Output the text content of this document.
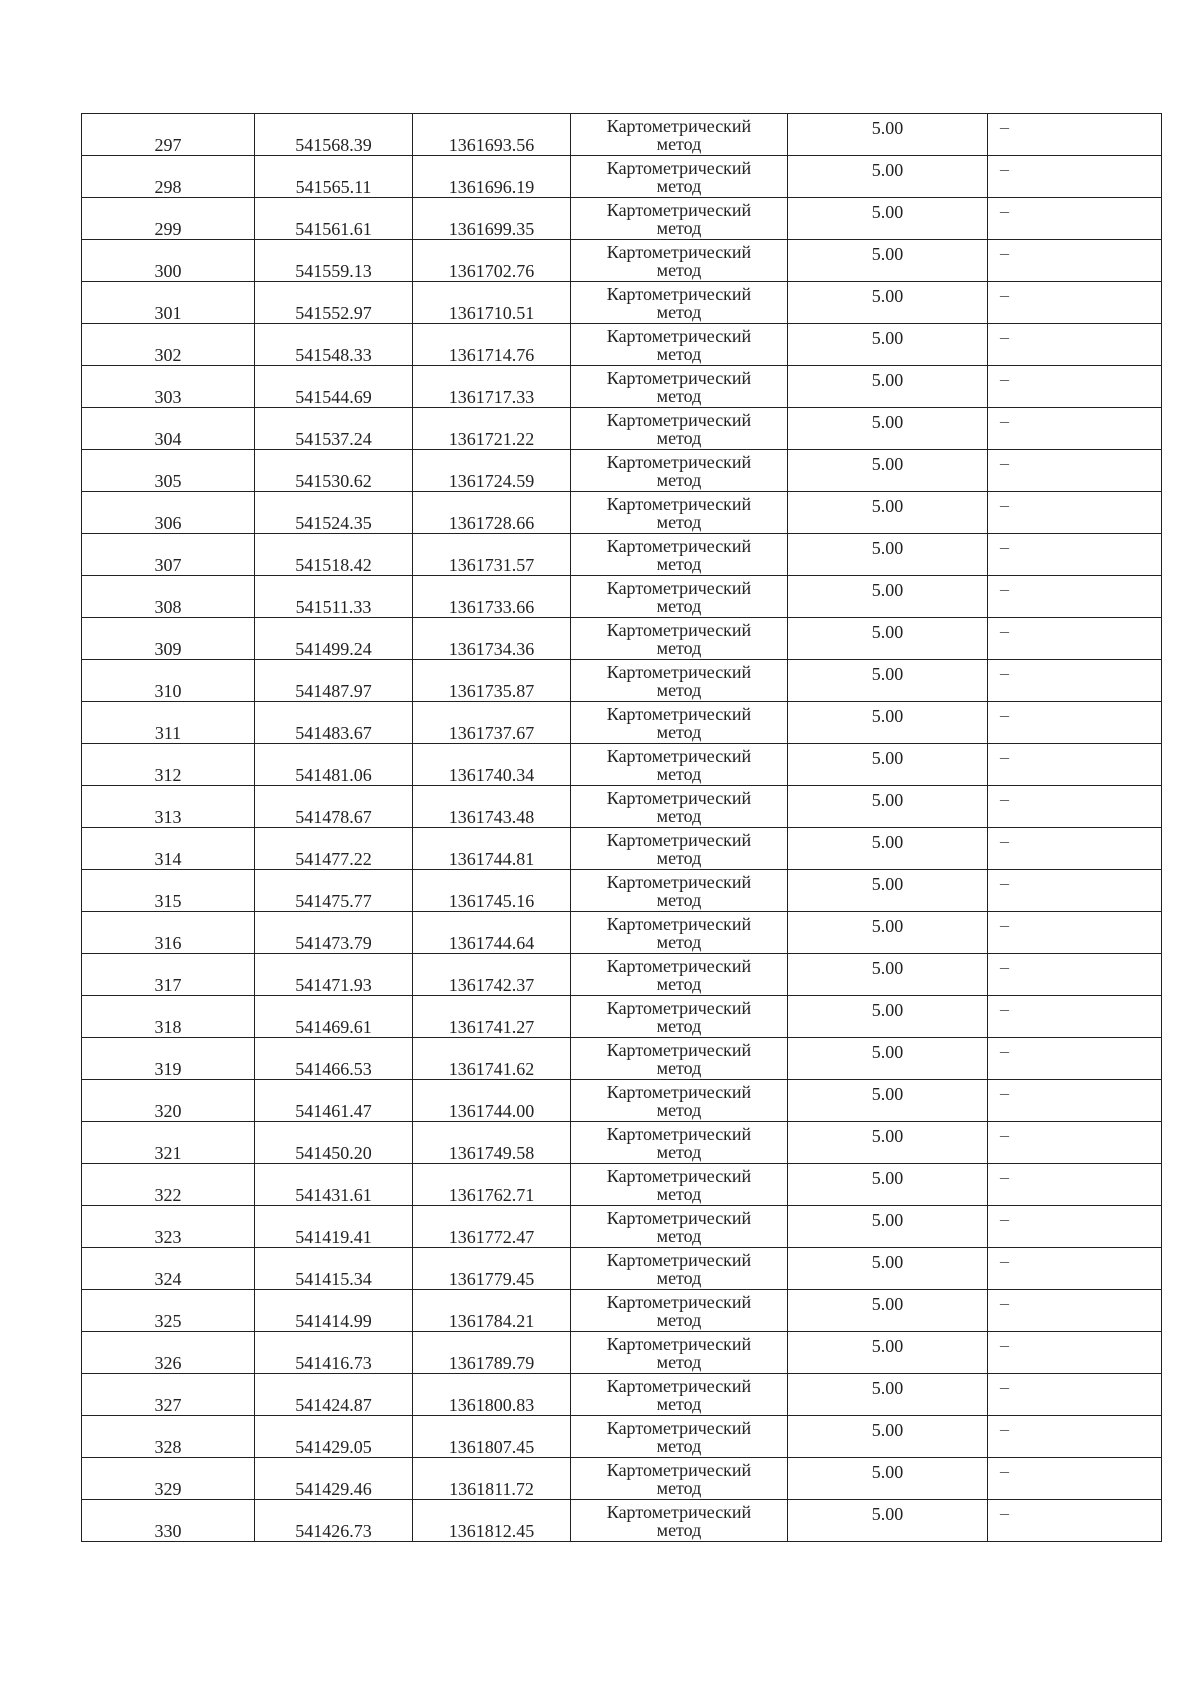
297	541568.39	1361693.56	Картометрический
метод	5.00	–

298	541565.11	1361696.19	Картометрический
метод	5.00	–

299	541561.61	1361699.35	Картометрический
метод	5.00	–

300	541559.13	1361702.76	Картометрический
метод	5.00	–

301	541552.97	1361710.51	Картометрический
метод	5.00	–

302	541548.33	1361714.76	Картометрический
метод	5.00	–

303	541544.69	1361717.33	Картометрический
метод	5.00	–

304	541537.24	1361721.22	Картометрический
метод	5.00	–

305	541530.62	1361724.59	Картометрический
метод	5.00	–

306	541524.35	1361728.66	Картометрический
метод	5.00	–

307	541518.42	1361731.57	Картометрический
метод	5.00	–

308	541511.33	1361733.66	Картометрический
метод	5.00	–

309	541499.24	1361734.36	Картометрический
метод	5.00	–

310	541487.97	1361735.87	Картометрический
метод	5.00	–

311	541483.67	1361737.67	Картометрический
метод	5.00	–

312	541481.06	1361740.34	Картометрический
метод	5.00	–

313	541478.67	1361743.48	Картометрический
метод	5.00	–

314	541477.22	1361744.81	Картометрический
метод	5.00	–

315	541475.77	1361745.16	Картометрический
метод	5.00	–

316	541473.79	1361744.64	Картометрический
метод	5.00	–

317	541471.93	1361742.37	Картометрический
метод	5.00	–

318	541469.61	1361741.27	Картометрический
метод	5.00	–

319	541466.53	1361741.62	Картометрический
метод	5.00	–

320	541461.47	1361744.00	Картометрический
метод	5.00	–

321	541450.20	1361749.58	Картометрический
метод	5.00	–

322	541431.61	1361762.71	Картометрический
метод	5.00	–

323	541419.41	1361772.47	Картометрический
метод	5.00	–

324	541415.34	1361779.45	Картометрический
метод	5.00	–

325	541414.99	1361784.21	Картометрический
метод	5.00	–

326	541416.73	1361789.79	Картометрический
метод	5.00	–

327	541424.87	1361800.83	Картометрический
метод	5.00	–

328	541429.05	1361807.45	Картометрический
метод	5.00	–

329	541429.46	1361811.72	Картометрический
метод	5.00	–

330	541426.73	1361812.45	Картометрический
метод	5.00	–
